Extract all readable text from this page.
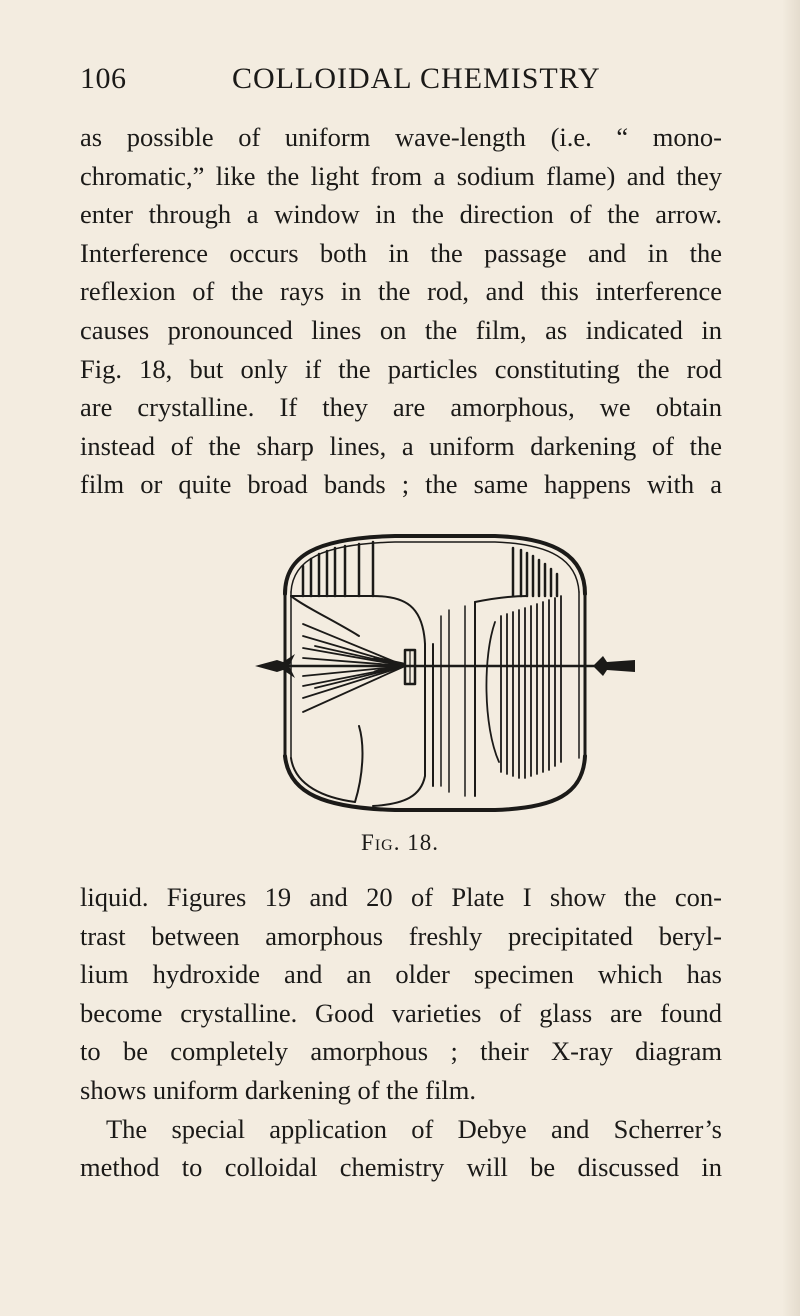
106	COLLOIDAL CHEMISTRY
as possible of uniform wave-length (i.e. “ mono-
chromatic,” like the light from a sodium flame) and they
enter through a window in the direction of the arrow.
Interference occurs both in the passage and in the
reflexion of the rays in the rod, and this interference
causes pronounced lines on the film, as indicated in
Fig. 18, but only if the particles constituting the rod
are crystalline. If they are amorphous, we obtain
instead of the sharp lines, a uniform darkening of the
film or quite broad bands ; the same happens with a
Fig. 18.
liquid. Figures 19 and 20 of Plate I show the con-
trast between amorphous freshly precipitated beryl-
lium hydroxide and an older specimen which has
become crystalline. Good varieties of glass are found
to be completely amorphous ; their X-ray diagram
shows uniform darkening of the film.
The special application of Debye and Scherrer’s
method to colloidal chemistry will be discussed in
